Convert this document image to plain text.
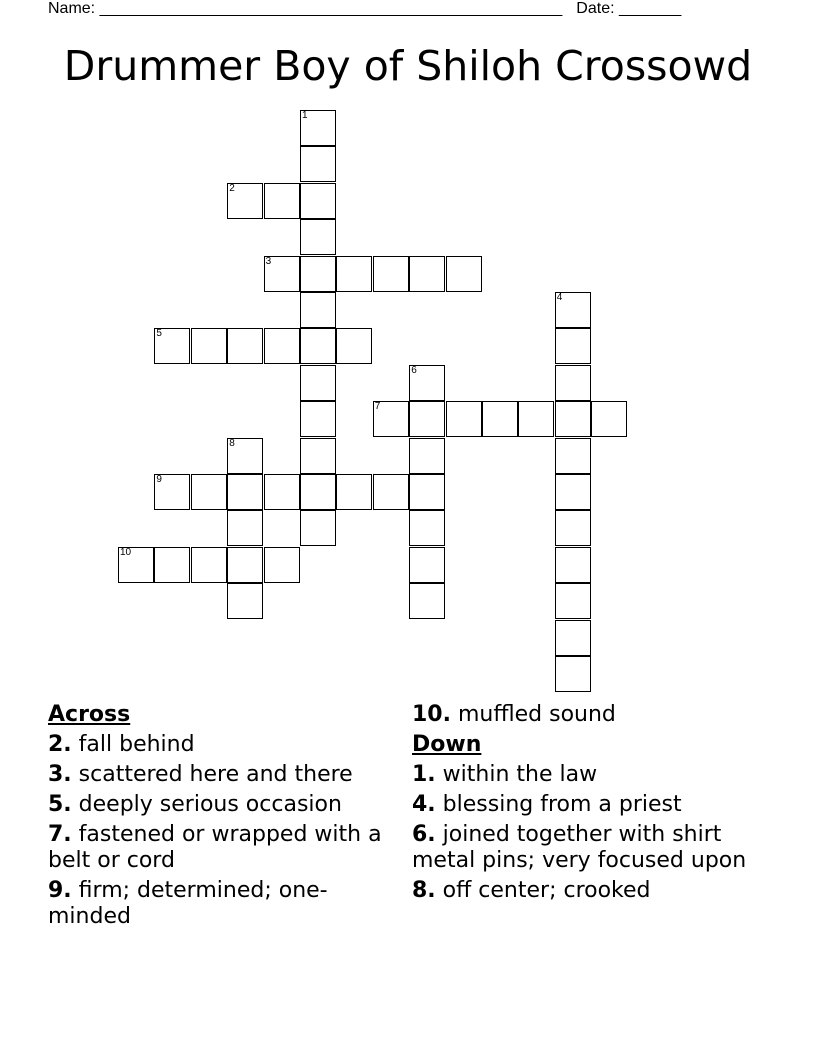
Name: ____________________________________________________ Date: _______
Drummer Boy of Shiloh Crossowd
2
3
5
7
9
10
1
4
6
8
Across
2. fall behind
3. scattered here and there
5. deeply serious occasion
7. fastened or wrapped with a belt or cord
9. firm; determined; one-minded
10. muffled sound
Down
1. within the law
4. blessing from a priest
6. joined together with shirt metal pins; very focused upon
8. off center; crooked
